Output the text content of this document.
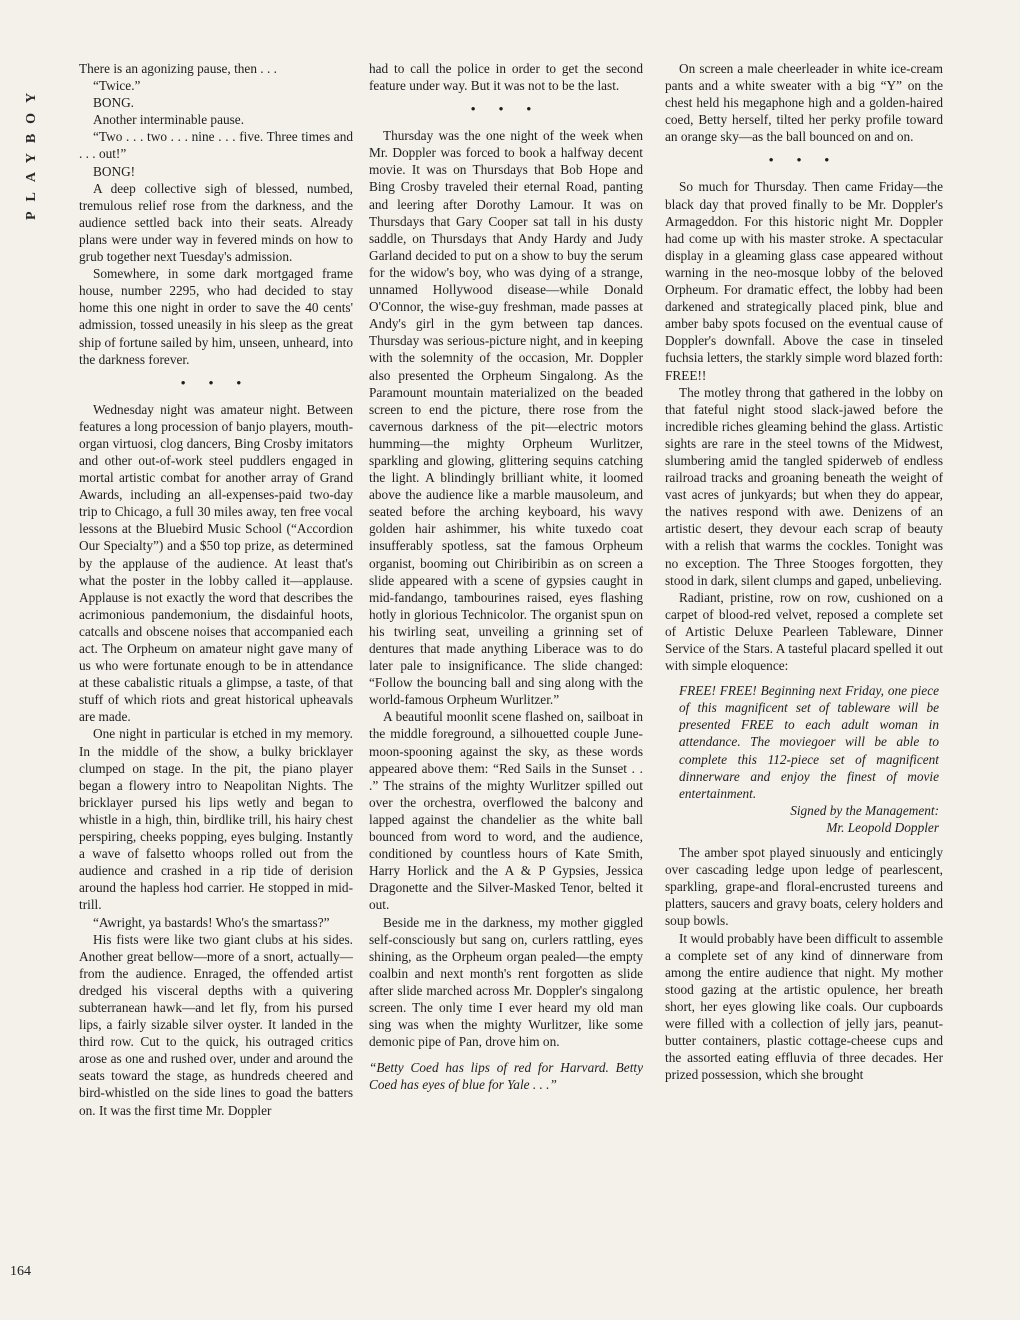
PLAYBOY

There is an agonizing pause, then . . .

“Twice.”

BONG.

Another interminable pause.

“Two . . . two . . . nine . . . five. Three times and . . . out!”

BONG!

A deep collective sigh of blessed, numbed, tremulous relief rose from the darkness, and the audience settled back into their seats. Already plans were under way in fevered minds on how to grub together next Tuesday's admission.

Somewhere, in some dark mortgaged frame house, number 2295, who had decided to stay home this one night in order to save the 40 cents' admission, tossed uneasily in his sleep as the great ship of fortune sailed by him, unseen, unheard, into the darkness forever.

• • •

Wednesday night was amateur night. Between features a long procession of banjo players, mouth-organ virtuosi, clog dancers, Bing Crosby imitators and other out-of-work steel puddlers engaged in mortal artistic combat for another array of Grand Awards, including an all-expenses-paid two-day trip to Chicago, a full 30 miles away, ten free vocal lessons at the Bluebird Music School (“Accordion Our Specialty”) and a $50 top prize, as determined by the applause of the audience. At least that's what the poster in the lobby called it—applause. Applause is not exactly the word that describes the acrimonious pandemonium, the disdainful hoots, catcalls and obscene noises that accompanied each act. The Orpheum on amateur night gave many of us who were fortunate enough to be in attendance at these cabalistic rituals a glimpse, a taste, of that stuff of which riots and great historical upheavals are made.

One night in particular is etched in my memory. In the middle of the show, a bulky bricklayer clumped on stage. In the pit, the piano player began a flowery intro to Neapolitan Nights. The bricklayer pursed his lips wetly and began to whistle in a high, thin, birdlike trill, his hairy chest perspiring, cheeks popping, eyes bulging. Instantly a wave of falsetto whoops rolled out from the audience and crashed in a rip tide of derision around the hapless hod carrier. He stopped in mid-trill.

“Awright, ya bastards! Who's the smartass?”

His fists were like two giant clubs at his sides. Another great bellow—more of a snort, actually—from the audience. Enraged, the offended artist dredged his visceral depths with a quivering subterranean hawk—and let fly, from his pursed lips, a fairly sizable silver oyster. It landed in the third row. Cut to the quick, his outraged critics arose as one and rushed over, under and around the seats toward the stage, as hundreds cheered and bird-whistled on the side lines to goad the batters on. It was the first time Mr. Doppler

had to call the police in order to get the second feature under way. But it was not to be the last.

• • •

Thursday was the one night of the week when Mr. Doppler was forced to book a halfway decent movie. It was on Thursdays that Bob Hope and Bing Crosby traveled their eternal Road, panting and leering after Dorothy Lamour. It was on Thursdays that Gary Cooper sat tall in his dusty saddle, on Thursdays that Andy Hardy and Judy Garland decided to put on a show to buy the serum for the widow's boy, who was dying of a strange, unnamed Hollywood disease—while Donald O'Connor, the wise-guy freshman, made passes at Andy's girl in the gym between tap dances. Thursday was serious-picture night, and in keeping with the solemnity of the occasion, Mr. Doppler also presented the Orpheum Singalong. As the Paramount mountain materialized on the beaded screen to end the picture, there rose from the cavernous darkness of the pit—electric motors humming—the mighty Orpheum Wurlitzer, sparkling and glowing, glittering sequins catching the light. A blindingly brilliant white, it loomed above the audience like a marble mausoleum, and seated before the arching keyboard, his wavy golden hair ashimmer, his white tuxedo coat insufferably spotless, sat the famous Orpheum organist, booming out Chiribiribin as on screen a slide appeared with a scene of gypsies caught in mid-fandango, tambourines raised, eyes flashing hotly in glorious Technicolor. The organist spun on his twirling seat, unveiling a grinning set of dentures that made anything Liberace was to do later pale to insignificance. The slide changed: “Follow the bouncing ball and sing along with the world-famous Orpheum Wurlitzer.”

A beautiful moonlit scene flashed on, sailboat in the middle foreground, a silhouetted couple June-moon-spooning against the sky, as these words appeared above them: “Red Sails in the Sunset . . .” The strains of the mighty Wurlitzer spilled out over the orchestra, overflowed the balcony and lapped against the chandelier as the white ball bounced from word to word, and the audience, conditioned by countless hours of Kate Smith, Harry Horlick and the A & P Gypsies, Jessica Dragonette and the Silver-Masked Tenor, belted it out.

Beside me in the darkness, my mother giggled self-consciously but sang on, curlers rattling, eyes shining, as the Orpheum organ pealed—the empty coalbin and next month's rent forgotten as slide after slide marched across Mr. Doppler's singalong screen. The only time I ever heard my old man sing was when the mighty Wurlitzer, like some demonic pipe of Pan, drove him on.

“Betty Coed has lips of red for Harvard. Betty Coed has eyes of blue for Yale . . .”

On screen a male cheerleader in white ice-cream pants and a white sweater with a big “Y” on the chest held his megaphone high and a golden-haired coed, Betty herself, tilted her perky profile toward an orange sky—as the ball bounced on and on.

• • •

So much for Thursday. Then came Friday—the black day that proved finally to be Mr. Doppler's Armageddon. For this historic night Mr. Doppler had come up with his master stroke. A spectacular display in a gleaming glass case appeared without warning in the neo-mosque lobby of the beloved Orpheum. For dramatic effect, the lobby had been darkened and strategically placed pink, blue and amber baby spots focused on the eventual cause of Doppler's downfall. Above the case in tinseled fuchsia letters, the starkly simple word blazed forth: FREE!!

The motley throng that gathered in the lobby on that fateful night stood slack-jawed before the incredible riches gleaming behind the glass. Artistic sights are rare in the steel towns of the Midwest, slumbering amid the tangled spiderweb of endless railroad tracks and groaning beneath the weight of vast acres of junkyards; but when they do appear, the natives respond with awe. Denizens of an artistic desert, they devour each scrap of beauty with a relish that warms the cockles. Tonight was no exception. The Three Stooges forgotten, they stood in dark, silent clumps and gaped, unbelieving.

Radiant, pristine, row on row, cushioned on a carpet of blood-red velvet, reposed a complete set of Artistic Deluxe Pearleen Tableware, Dinner Service of the Stars. A tasteful placard spelled it out with simple eloquence:

FREE! FREE! Beginning next Friday, one piece of this magnificent set of tableware will be presented FREE to each adult woman in attendance. The moviegoer will be able to complete this 112-piece set of magnificent dinnerware and enjoy the finest of movie entertainment.

Signed by the Management:

Mr. Leopold Doppler

The amber spot played sinuously and enticingly over cascading ledge upon ledge of pearlescent, sparkling, grape-and floral-encrusted tureens and platters, saucers and gravy boats, celery holders and soup bowls.

It would probably have been difficult to assemble a complete set of any kind of dinnerware from among the entire audience that night. My mother stood gazing at the artistic opulence, her breath short, her eyes glowing like coals. Our cupboards were filled with a collection of jelly jars, peanut-butter containers, plastic cottage-cheese cups and the assorted eating effluvia of three decades. Her prized possession, which she brought

164
